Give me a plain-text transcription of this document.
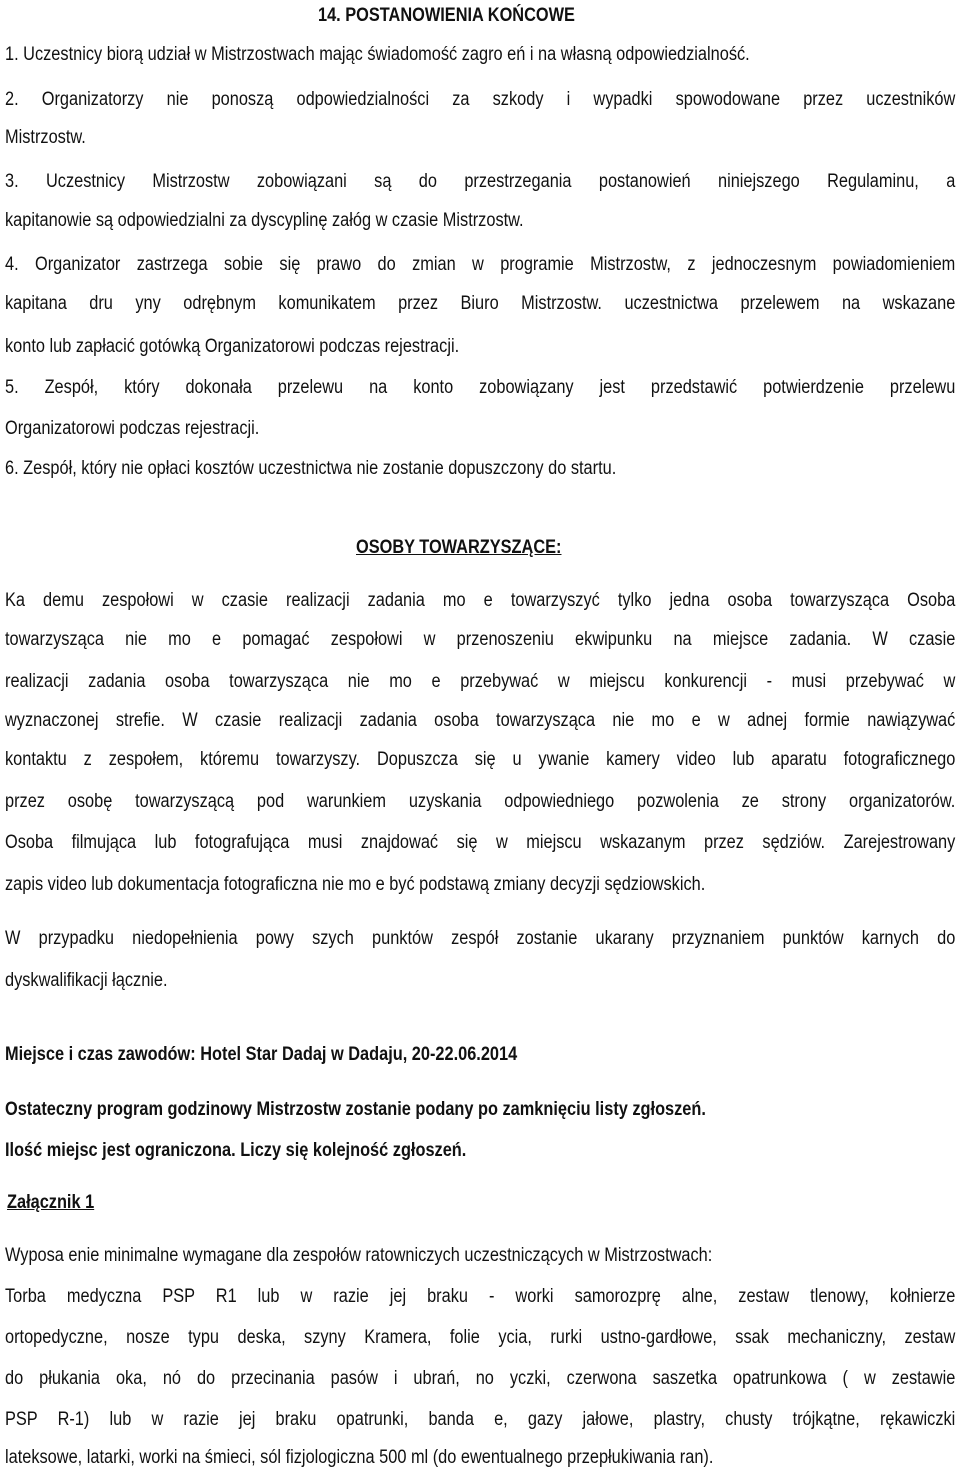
14. POSTANOWIENIA KOŃCOWE
1. Uczestnicy biorą udział w Mistrzostwach mając świadomość zagro eń i na własną odpowiedzialność.
2. Organizatorzy nie ponoszą odpowiedzialności za szkody i wypadki spowodowane przez uczestników
Mistrzostw.
3. Uczestnicy Mistrzostw zobowiązani są do przestrzegania postanowień niniejszego Regulaminu, a
kapitanowie są odpowiedzialni za dyscyplinę załóg w czasie Mistrzostw.
4. Organizator zastrzega sobie się prawo do zmian w programie Mistrzostw, z jednoczesnym powiadomieniem
kapitana dru yny odrębnym komunikatem przez Biuro Mistrzostw. uczestnictwa przelewem na wskazane
konto lub zapłacić gotówką Organizatorowi podczas rejestracji.
5. Zespół, który dokonała przelewu na konto zobowiązany jest przedstawić potwierdzenie przelewu
Organizatorowi podczas rejestracji.
6. Zespół, który nie opłaci kosztów uczestnictwa nie zostanie dopuszczony do startu.
OSOBY TOWARZYSZĄCE:
Ka demu zespołowi w czasie realizacji zadania mo e towarzyszyć tylko jedna osoba towarzysząca Osoba
towarzysząca nie mo e pomagać zespołowi w przenoszeniu ekwipunku na miejsce zadania. W czasie
realizacji zadania osoba towarzysząca nie mo e przebywać w miejscu konkurencji - musi przebywać w
wyznaczonej strefie. W czasie realizacji zadania osoba towarzysząca nie mo e w adnej formie nawiązywać
kontaktu z zespołem, któremu towarzyszy. Dopuszcza się u ywanie kamery video lub aparatu fotograficznego
przez osobę towarzyszącą pod warunkiem uzyskania odpowiedniego pozwolenia ze strony organizatorów.
Osoba filmująca lub fotografująca musi znajdować się w miejscu wskazanym przez sędziów. Zarejestrowany
zapis video lub dokumentacja fotograficzna nie mo e być podstawą zmiany decyzji sędziowskich.
W przypadku niedopełnienia powy szych punktów zespół zostanie ukarany przyznaniem punktów karnych do
dyskwalifikacji łącznie.
Miejsce i czas zawodów: Hotel Star Dadaj w Dadaju, 20-22.06.2014
Ostateczny program godzinowy Mistrzostw zostanie podany po zamknięciu listy zgłoszeń.
Ilość miejsc jest ograniczona. Liczy się kolejność zgłoszeń.
Załącznik 1
Wyposa enie minimalne wymagane dla zespołów ratowniczych uczestniczących w Mistrzostwach:
Torba medyczna PSP R1 lub w razie jej braku - worki samorozprę alne, zestaw tlenowy, kołnierze
ortopedyczne, nosze typu deska, szyny Kramera, folie ycia, rurki ustno-gardłowe, ssak mechaniczny, zestaw
do płukania oka, nó do przecinania pasów i ubrań, no yczki, czerwona saszetka opatrunkowa ( w zestawie
PSP R-1) lub w razie jej braku opatrunki, banda e, gazy jałowe, plastry, chusty trójkątne, rękawiczki
lateksowe, latarki, worki na śmieci, sól fizjologiczna 500 ml (do ewentualnego przepłukiwania ran).
